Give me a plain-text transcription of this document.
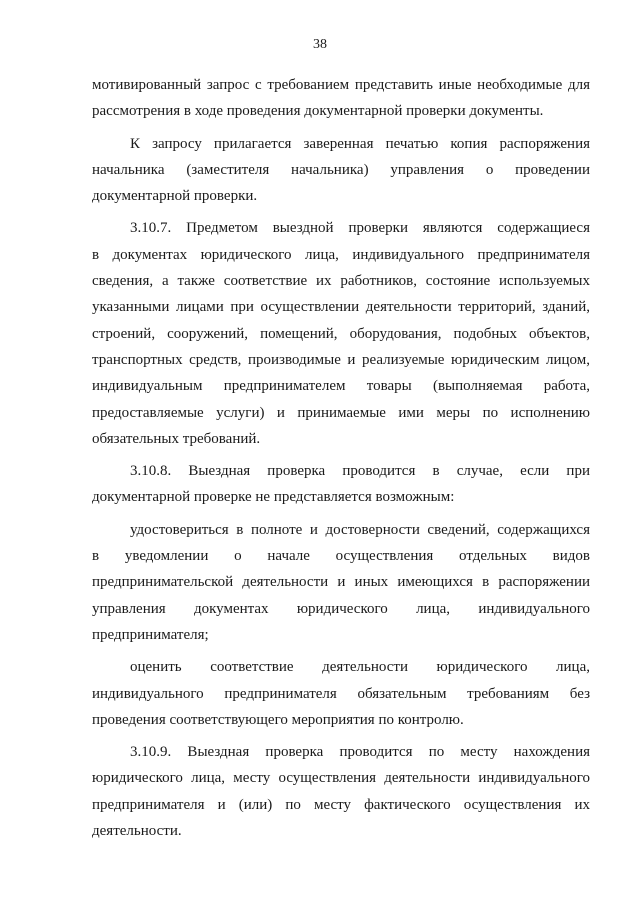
38

мотивированный запрос с требованием представить иные необходимые для
рассмотрения в ходе проведения документарной проверки документы.

К запросу прилагается заверенная печатью копия распоряжения
начальника (заместителя начальника) управления о проведении
документарной проверки.

3.10.7. Предметом выездной проверки являются содержащиеся
в документах юридического лица, индивидуального предпринимателя
сведения, а также соответствие их работников, состояние используемых
указанными лицами при осуществлении деятельности территорий, зданий,
строений, сооружений, помещений, оборудования, подобных объектов,
транспортных средств, производимые и реализуемые юридическим лицом,
индивидуальным предпринимателем товары (выполняемая работа,
предоставляемые услуги) и принимаемые ими меры по исполнению
обязательных требований.

3.10.8. Выездная проверка проводится в случае, если при
документарной проверке не представляется возможным:

удостовериться в полноте и достоверности сведений, содержащихся
в уведомлении о начале осуществления отдельных видов
предпринимательской деятельности и иных имеющихся в распоряжении
управления документах юридического лица, индивидуального
предпринимателя;

оценить соответствие деятельности юридического лица,
индивидуального предпринимателя обязательным требованиям без
проведения соответствующего мероприятия по контролю.

3.10.9. Выездная проверка проводится по месту нахождения
юридического лица, месту осуществления деятельности индивидуального
предпринимателя и (или) по месту фактического осуществления их
деятельности.
